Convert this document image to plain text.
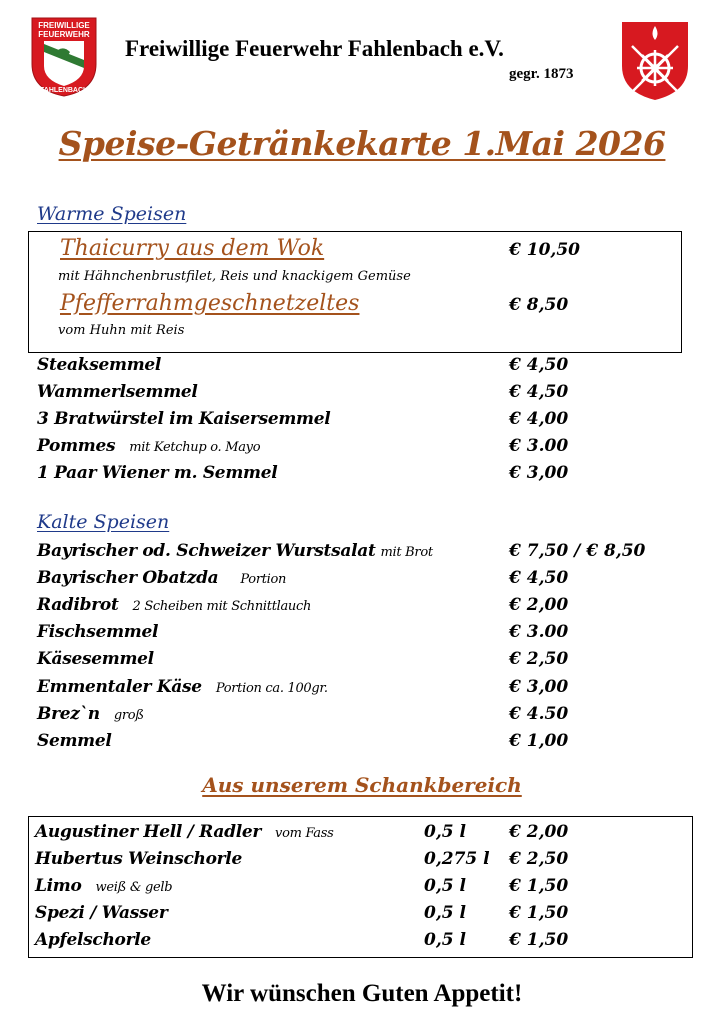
FREIWILLIGE
FEUERWEHR
FAHLENBACH
Freiwillige Feuerwehr Fahlenbach e.V.
gegr. 1873
Speise-Getränkekarte 1.Mai 2026
Warme Speisen
Thaicurry aus dem Wok	€ 10,50
mit Hähnchenbrustfilet, Reis und knackigem Gemüse
Pfefferrahmgeschnetzeltes	€ 8,50
vom Huhn mit Reis
Steaksemmel	€ 4,50
Wammerlsemmel	€ 4,50
3 Bratwürstel im Kaisersemmel	€ 4,00
Pommes mit Ketchup o. Mayo	€ 3.00
1 Paar Wiener m. Semmel	€ 3,00
Kalte Speisen
Bayrischer od. Schweizer Wurstsalat mit Brot	€ 7,50 / € 8,50
Bayrischer Obatzda Portion	€ 4,50
Radibrot 2 Scheiben mit Schnittlauch	€ 2,00
Fischsemmel	€ 3.00
Käsesemmel	€ 2,50
Emmentaler Käse Portion ca. 100gr.	€ 3,00
Brez`n groß	€ 4.50
Semmel	€ 1,00
Aus unserem Schankbereich
Augustiner Hell / Radler vom Fass	0,5 l	€ 2,00
Hubertus Weinschorle	0,275 l € 2,50
Limo weiß & gelb	0,5 l	€ 1,50
Spezi / Wasser	0,5 l	€ 1,50
Apfelschorle	0,5 l	€ 1,50
Wir wünschen Guten Appetit!
